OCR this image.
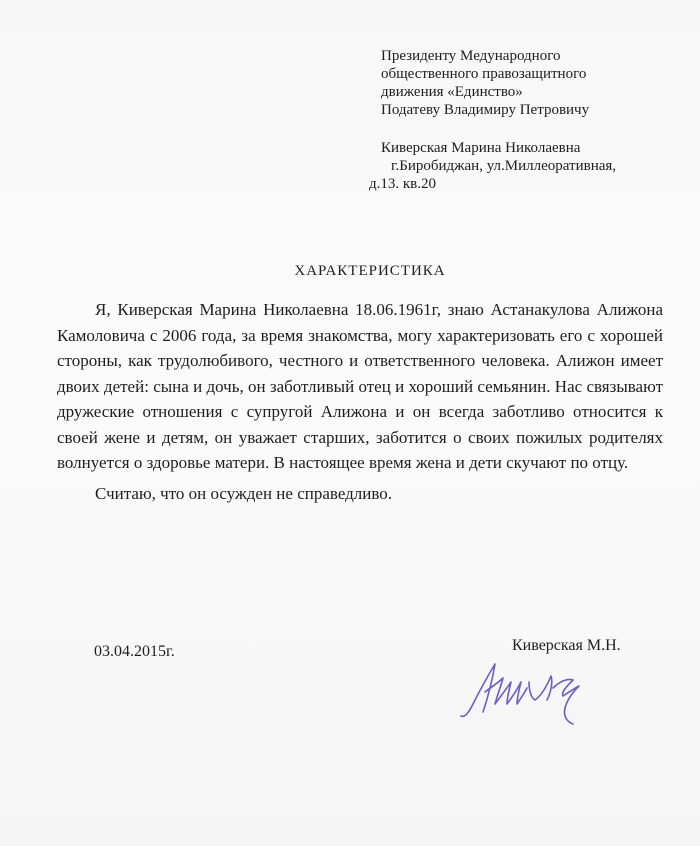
Президенту Медународного
общественного правозащитного
движения «Единство»
Податеву Владимиру Петровичу
Киверская Марина Николаевна
г.Биробиджан, ул.Миллеоративная,
д.13. кв.20
ХАРАКТЕРИСТИКА

Я, Киверская Марина Николаевна 18.06.1961г, знаю Астанакулова Алижона Камоловича с 2006 года, за время знакомства, могу характеризовать его с хорошей стороны, как трудолюбивого, честного и ответственного человека. Алижон имеет двоих детей: сына и дочь, он заботливый отец и хороший семьянин. Нас связывают дружеские отношения с супругой Алижона и он всегда заботливо относится к своей жене и детям, он уважает старших, заботится о своих пожилых родителях волнуется о здоровье матери. В настоящее время жена и дети скучают по отцу.

Считаю, что он осужден не справедливо.

03.04.2015г.	Киверская М.Н.
